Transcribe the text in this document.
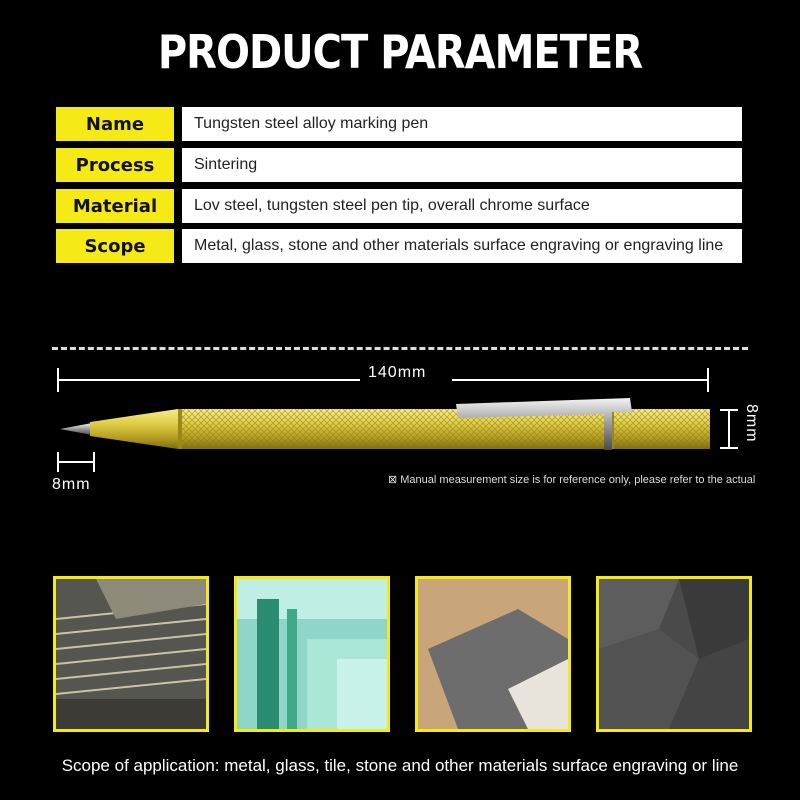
PRODUCT PARAMETER
Name	Tungsten steel alloy marking pen
Process	Sintering
Material	Lov steel, tungsten steel pen tip, overall chrome surface
Scope	Metal, glass, stone and other materials surface engraving or engraving line
140mm
8mm
8mm	⊠ Manual measurement size is for reference only, please refer to the actual
Scope of application: metal, glass, tile, stone and other materials surface engraving or line
